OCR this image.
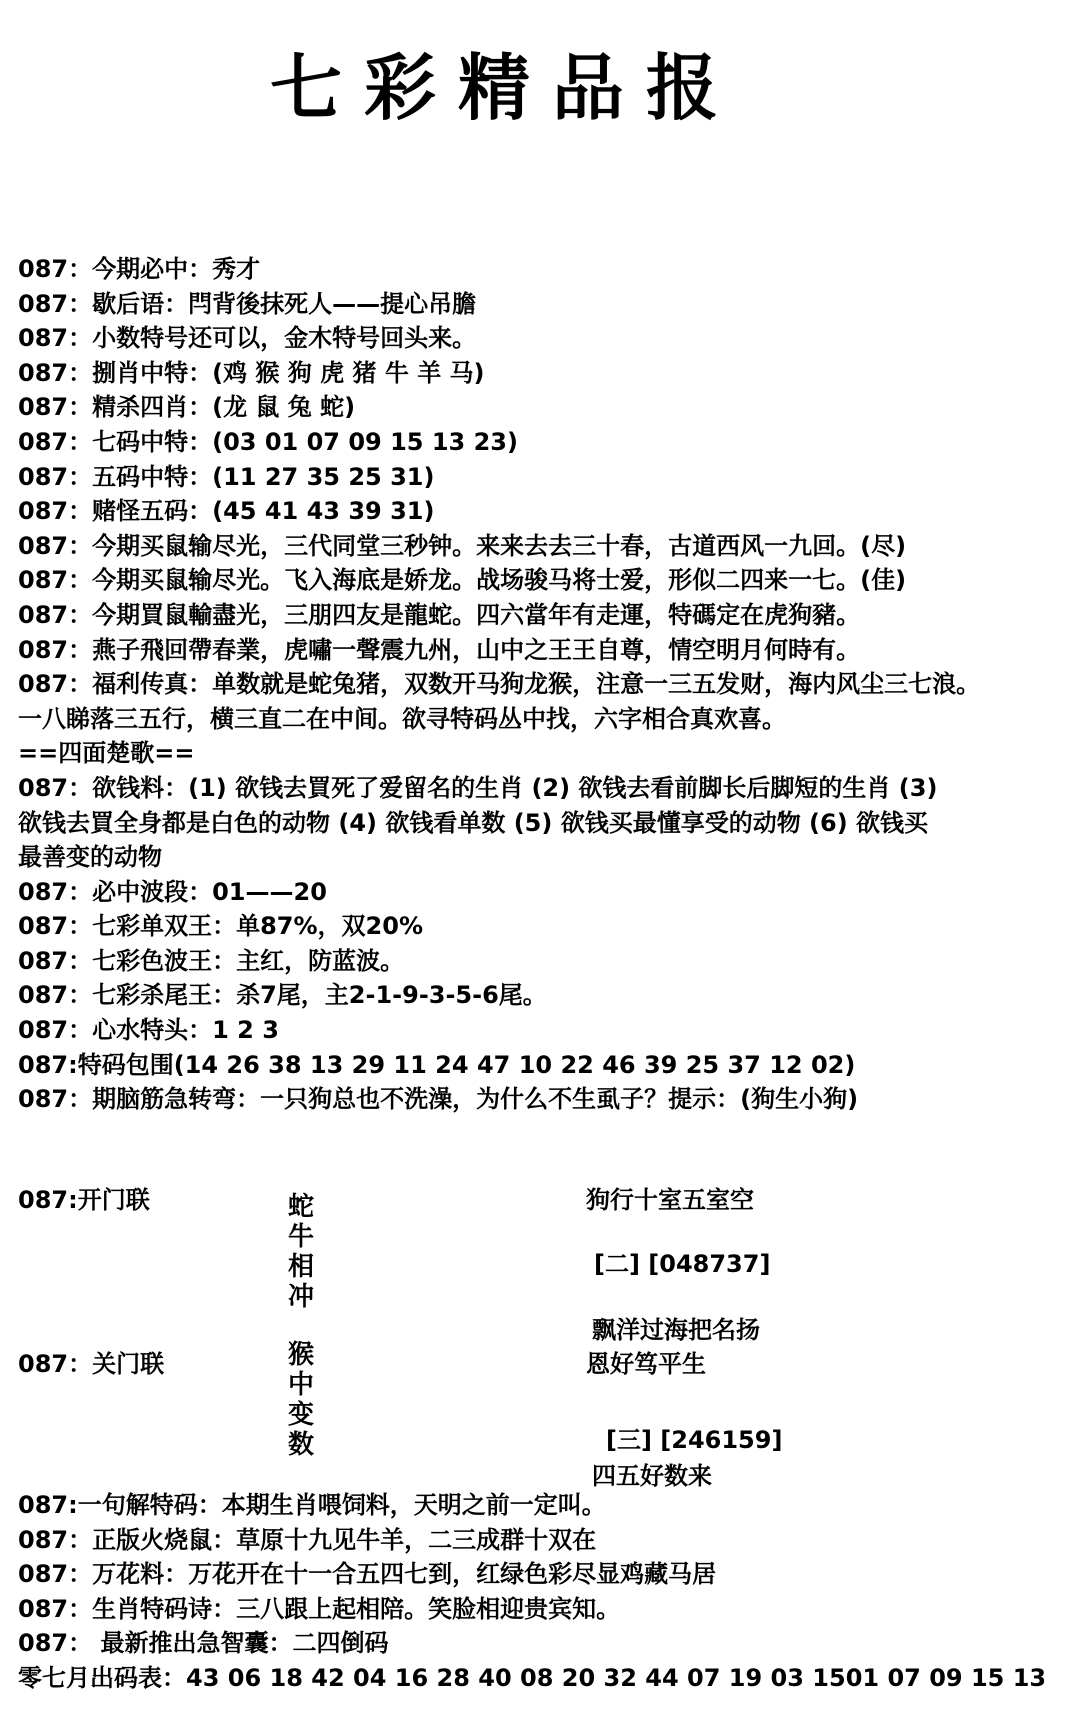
七彩精品报
087：今期必中：秀才
087：歇后语：閂背後抹死人——提心吊膽
087：小数特号还可以，金木特号回头来。
087：捌肖中特：(鸡 猴 狗 虎 猪 牛 羊 马)
087：精杀四肖：(龙 鼠 兔 蛇)
087：七码中特：(03 01 07 09 15 13 23)
087：五码中特：(11 27 35 25 31)
087：赌怪五码：(45 41 43 39 31)
087：今期买鼠输尽光，三代同堂三秒钟。来来去去三十春，古道西风一九回。(尽)
087：今期买鼠输尽光。飞入海底是娇龙。战场骏马将士爱，形似二四来一七。(佳)
087：今期買鼠輸盡光，三朋四友是龍蛇。四六當年有走運，特碼定在虎狗豬。
087：燕子飛回帶春業，虎嘯一聲震九州，山中之王王自尊，情空明月何時有。
087：福利传真：单数就是蛇兔猪，双数开马狗龙猴，注意一三五发财，海内风尘三七浪。
一八睇落三五行，横三直二在中间。欲寻特码丛中找，六字相合真欢喜。
==四面楚歌==
087：欲钱料：(1) 欲钱去買死了爱留名的生肖 (2) 欲钱去看前脚长后脚短的生肖 (3)
欲钱去買全身都是白色的动物 (4) 欲钱看单数 (5) 欲钱买最懂享受的动物 (6) 欲钱买
最善变的动物
087：必中波段：01——20
087：七彩单双王：单87%，双20%
087：七彩色波王：主红，防蓝波。
087：七彩杀尾王：杀7尾，主2-1-9-3-5-6尾。
087：心水特头：1 2 3
087:特码包围(14 26 38 13 29 11 24 47 10 22 46 39 25 37 12 02)
087：期脑筋急转弯：一只狗总也不洗澡，为什么不生虱子？提示：(狗生小狗)
087:开门联
087：关门联
蛇
牛
相
冲
猴
中
变
数
狗行十室五室空
[二] [048737]
飘洋过海把名扬
恩好笃平生
[三] [246159]
四五好数来
087:一句解特码：本期生肖喂饲料，天明之前一定叫。
087：正版火烧鼠：草原十九见牛羊，二三成群十双在
087：万花料：万花开在十一合五四七到，红绿色彩尽显鸡藏马居
087：生肖特码诗：三八跟上起相陪。笑脸相迎贵宾知。
087： 最新推出急智囊：二四倒码
零七月出码表：43 06 18 42 04 16 28 40 08 20 32 44 07 19 03 1501 07 09 15 13
